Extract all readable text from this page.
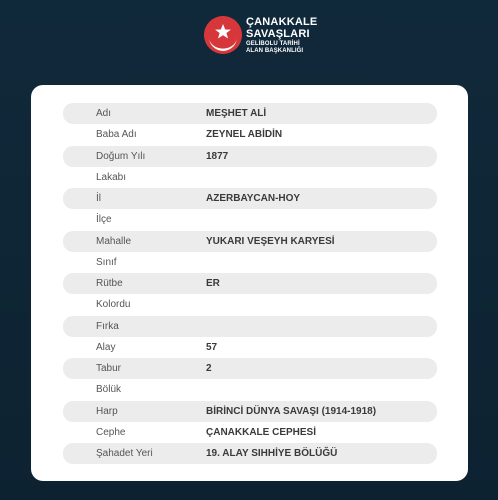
ÇANAKKALE
SAVAŞLARI
GELİBOLU TARİHİ
ALAN BAŞKANLIĞI
Adı	MEŞHET ALİ
Baba Adı	ZEYNEL ABİDİN
Doğum Yılı	1877
Lakabı
İl	AZERBAYCAN-HOY
İlçe
Mahalle	YUKARI VEŞEYH KARYESİ
Sınıf
Rütbe	ER
Kolordu
Fırka
Alay	57
Tabur	2
Bölük
Harp	BİRİNCİ DÜNYA SAVAŞI (1914-1918)
Cephe	ÇANAKKALE CEPHESİ
Şahadet Yeri	19. ALAY SIHHİYE BÖLÜĞÜ
